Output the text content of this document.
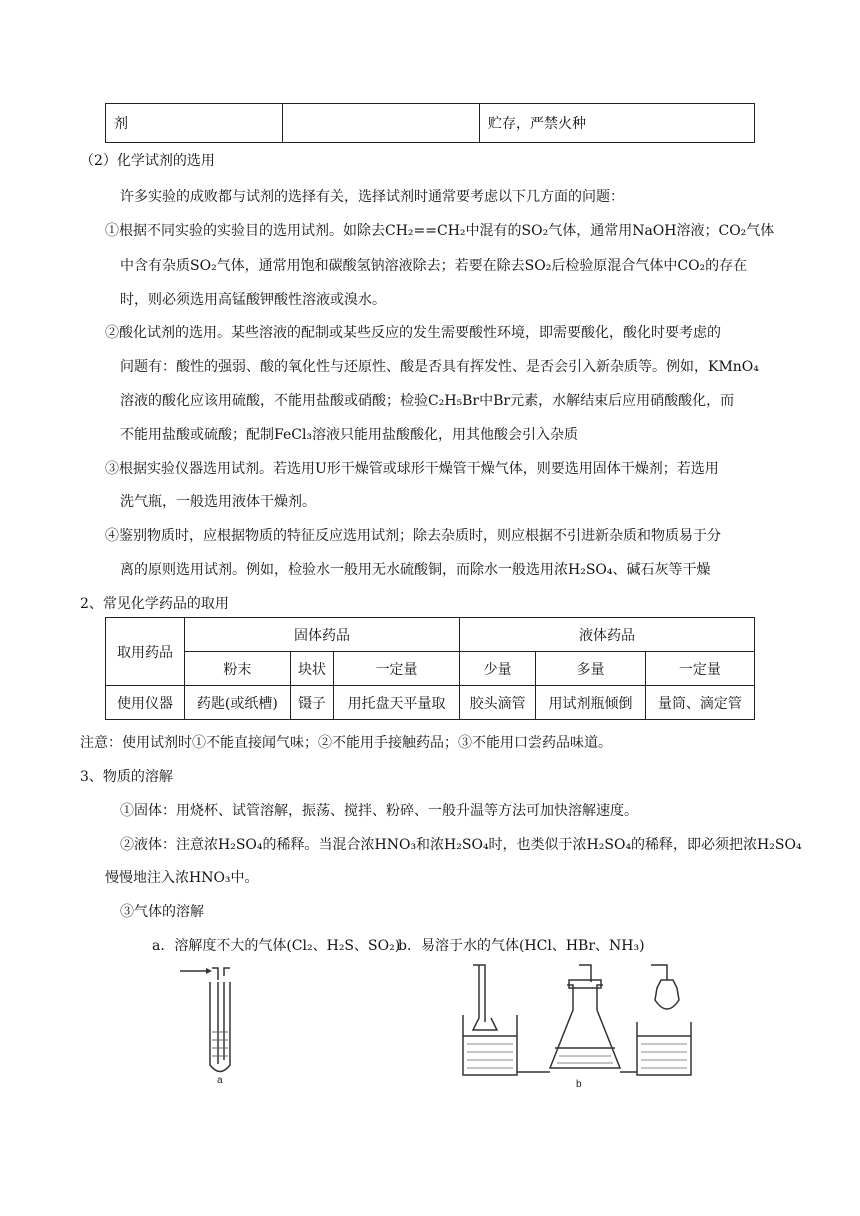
剂		贮存，严禁火种
（2）化学试剂的选用
许多实验的成败都与试剂的选择有关，选择试剂时通常要考虑以下几方面的问题：
①根据不同实验的实验目的选用试剂。如除去CH₂==CH₂中混有的SO₂气体，通常用NaOH溶液；CO₂气体
中含有杂质SO₂气体，通常用饱和碳酸氢钠溶液除去；若要在除去SO₂后检验原混合气体中CO₂的存在
时，则必须选用高锰酸钾酸性溶液或溴水。
②酸化试剂的选用。某些溶液的配制或某些反应的发生需要酸性环境，即需要酸化，酸化时要考虑的
问题有：酸性的强弱、酸的氧化性与还原性、酸是否具有挥发性、是否会引入新杂质等。例如，KMnO₄
溶液的酸化应该用硫酸，不能用盐酸或硝酸；检验C₂H₅Br中Br元素，水解结束后应用硝酸酸化，而
不能用盐酸或硫酸；配制FeCl₃溶液只能用盐酸酸化，用其他酸会引入杂质
③根据实验仪器选用试剂。若选用U形干燥管或球形干燥管干燥气体，则要选用固体干燥剂；若选用
洗气瓶，一般选用液体干燥剂。
④鉴别物质时，应根据物质的特征反应选用试剂；除去杂质时，则应根据不引进新杂质和物质易于分
离的原则选用试剂。例如，检验水一般用无水硫酸铜，而除水一般选用浓H₂SO₄、碱石灰等干燥
2、常见化学药品的取用
取用药品	固体药品			液体药品		
	粉末	块状	一定量	少量	多量	一定量
使用仪器	药匙(或纸槽)	镊子	用托盘天平量取	胶头滴管	用试剂瓶倾倒	量筒、滴定管
注意：使用试剂时①不能直接闻气味；②不能用手接触药品；③不能用口尝药品味道。
3、物质的溶解
①固体：用烧杯、试管溶解，振荡、搅拌、粉碎、一般升温等方法可加快溶解速度。
②液体：注意浓H₂SO₄的稀释。当混合浓HNO₃和浓H₂SO₄时，也类似于浓H₂SO₄的稀释，即必须把浓H₂SO₄
慢慢地注入浓HNO₃中。
③气体的溶解
a．溶解度不大的气体(Cl₂、H₂S、SO₂)
b．易溶于水的气体(HCl、HBr、NH₃)
a	b
